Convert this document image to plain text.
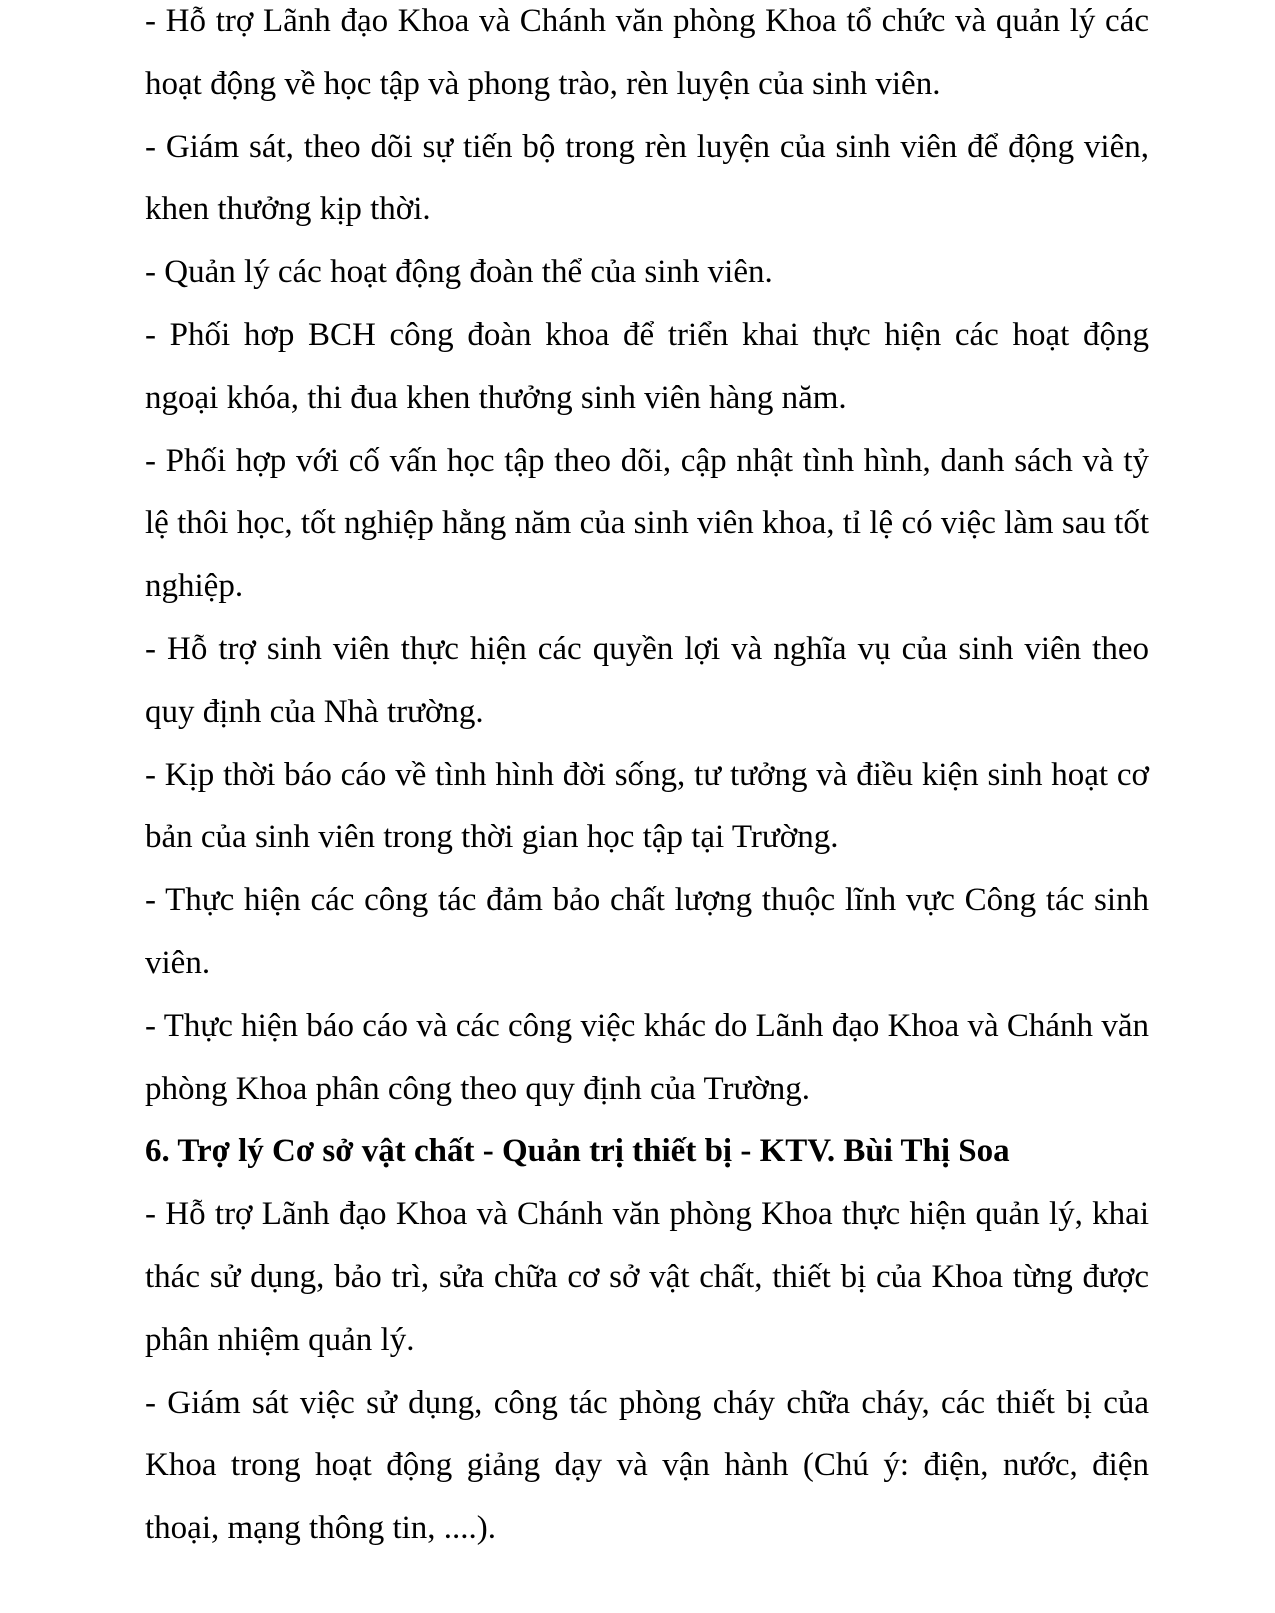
- Hỗ trợ Lãnh đạo Khoa và Chánh văn phòng Khoa tổ chức và quản lý các hoạt động về học tập và phong trào, rèn luyện của sinh viên.

- Giám sát, theo dõi sự tiến bộ trong rèn luyện của sinh viên để động viên, khen thưởng kịp thời.

- Quản lý các hoạt động đoàn thể của sinh viên.

- Phối hơp BCH công đoàn khoa để triển khai thực hiện các hoạt động ngoại khóa, thi đua khen thưởng sinh viên hàng năm.

- Phối hợp với cố vấn học tập theo dõi, cập nhật tình hình, danh sách và tỷ lệ thôi học, tốt nghiệp hằng năm của sinh viên khoa, tỉ lệ có việc làm sau tốt nghiệp.

- Hỗ trợ sinh viên thực hiện các quyền lợi và nghĩa vụ của sinh viên theo quy định của Nhà trường.

- Kịp thời báo cáo về tình hình đời sống, tư tưởng và điều kiện sinh hoạt cơ bản của sinh viên trong thời gian học tập tại Trường.

- Thực hiện các công tác đảm bảo chất lượng thuộc lĩnh vực Công tác sinh viên.

- Thực hiện báo cáo và các công việc khác do Lãnh đạo Khoa và Chánh văn phòng Khoa phân công theo quy định của Trường.

6. Trợ lý Cơ sở vật chất - Quản trị thiết bị - KTV. Bùi Thị Soa

- Hỗ trợ Lãnh đạo Khoa và Chánh văn phòng Khoa thực hiện quản lý, khai thác sử dụng, bảo trì, sửa chữa cơ sở vật chất, thiết bị của Khoa từng được phân nhiệm quản lý.

- Giám sát việc sử dụng, công tác phòng cháy chữa cháy, các thiết bị của Khoa trong hoạt động giảng dạy và vận hành (Chú ý: điện, nước, điện thoại, mạng thông tin, ....).
